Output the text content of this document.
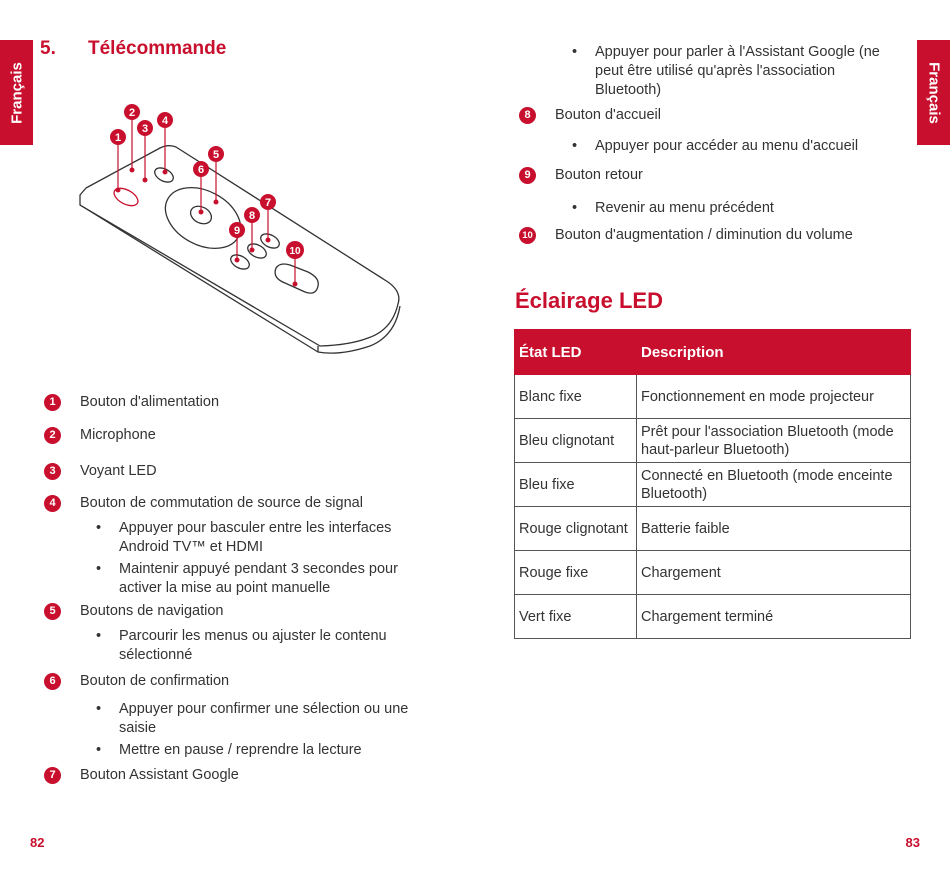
Français	Français
5. Télécommande
1
2
3
4
5
6
7
8
9
10
1	Bouton d'alimentation
2	Microphone
3	Voyant LED
4	Bouton de commutation de source de signal
• Appuyer pour basculer entre les interfaces Android TV™ et HDMI
• Maintenir appuyé pendant 3 secondes pour activer la mise au point manuelle
5	Boutons de navigation
• Parcourir les menus ou ajuster le contenu sélectionné
6	Bouton de confirmation
• Appuyer pour confirmer une sélection ou une saisie
• Mettre en pause / reprendre la lecture
7	Bouton Assistant Google
• Appuyer pour parler à l'Assistant Google (ne peut être utilisé qu'après l'association Bluetooth)
8	Bouton d'accueil
• Appuyer pour accéder au menu d'accueil
9	Bouton retour
• Revenir au menu précédent
10 Bouton d'augmentation / diminution du volume
Éclairage LED
État LED	Description
Blanc fixe	Fonctionnement en mode projecteur
Bleu clignotant	Prêt pour l'association Bluetooth (mode haut-parleur Bluetooth)
Bleu fixe	Connecté en Bluetooth (mode enceinte Bluetooth)
Rouge clignotant	Batterie faible
Rouge fixe	Chargement
Vert fixe	Chargement terminé
82	83
